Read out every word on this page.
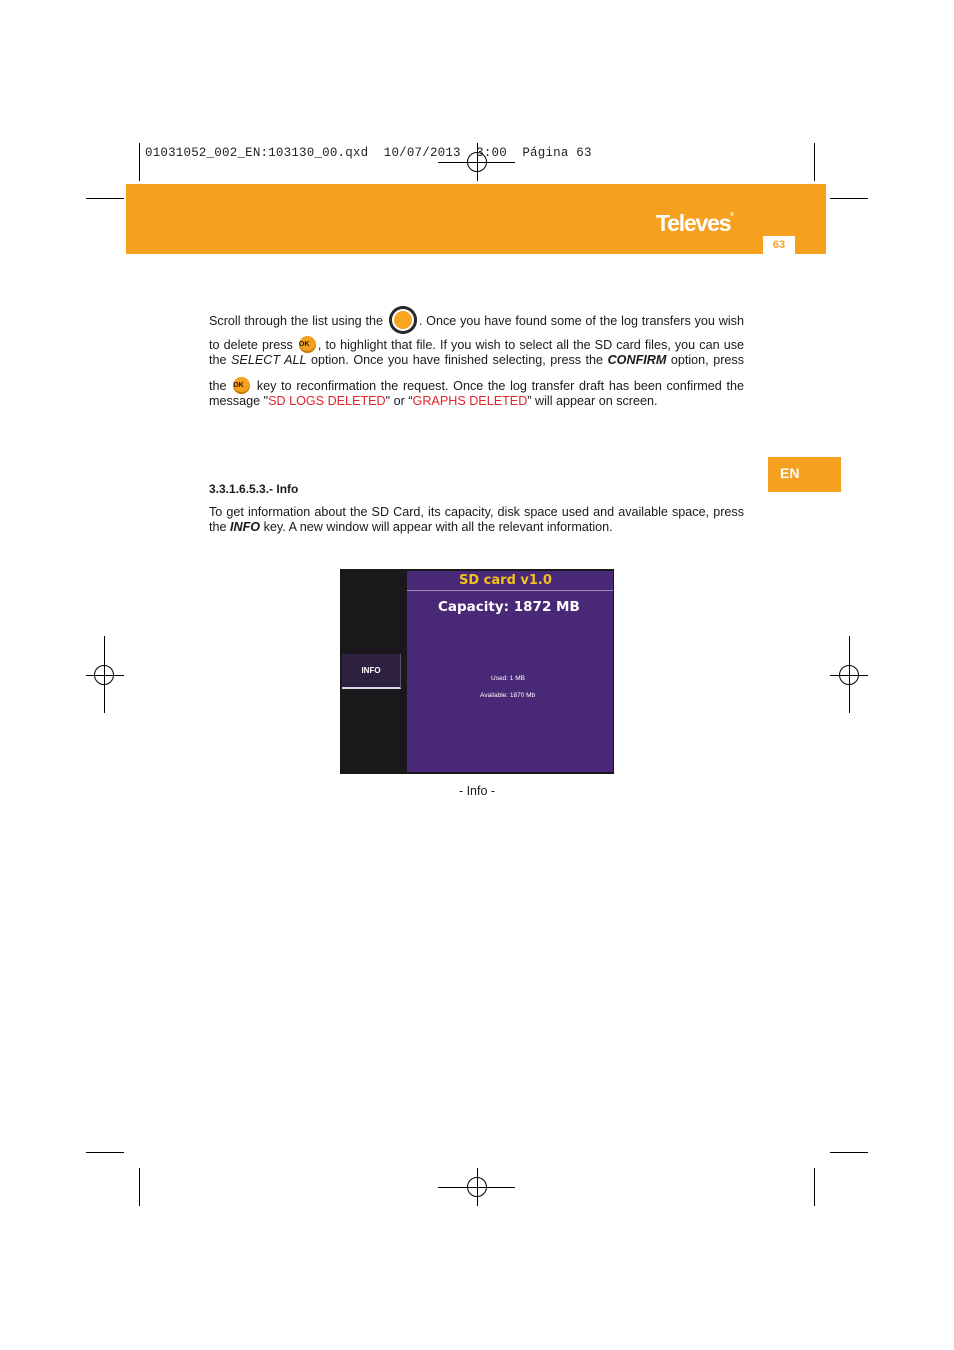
01031052_002_EN:103130_00.qxd  10/07/2013  3:00  Página 63
Televes®
63
EN
Scroll through the list using the	. Once you have found some of the log transfers you wish
to delete press OK , to highlight that file. If you wish to select all the SD card files, you can use
the SELECT ALL option. Once you have finished selecting, press the CONFIRM option, press
the OK key to reconfirmation the request. Once the log transfer draft has been confirmed the
message "SD LOGS DELETED" or “GRAPHS DELETED” will appear on screen.
3.3.1.6.5.3.- Info
To get information about the SD Card, its capacity, disk space used and available space, press
the INFO key. A new window will appear with all the relevant information.
INFO
SD card v1.0
Capacity: 1872 MB
Used: 1 MB
Available: 1870 Mb
- Info -
